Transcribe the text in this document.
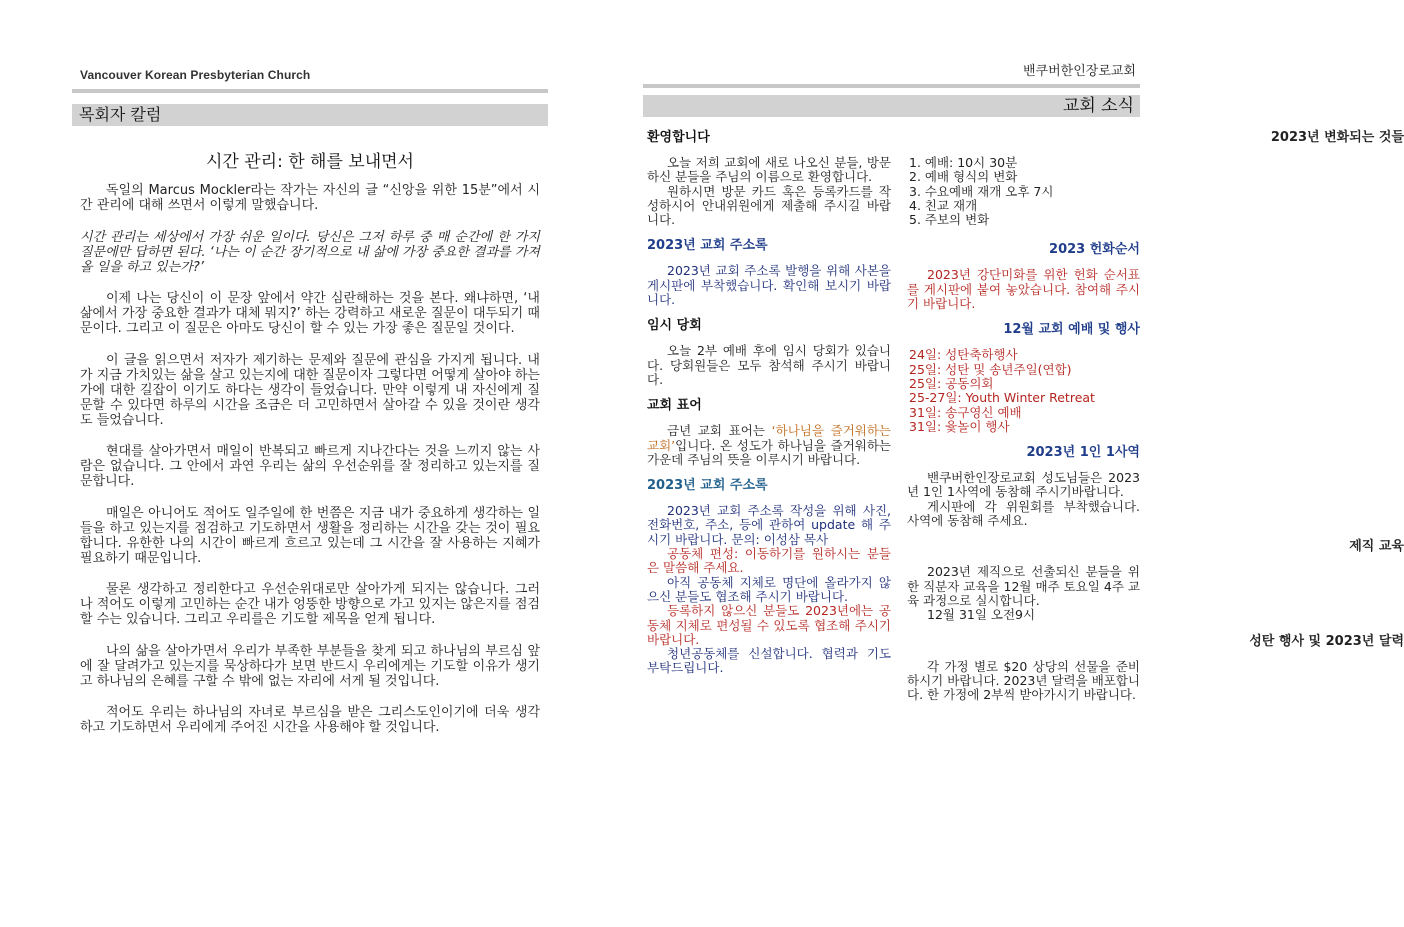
Vancouver Korean Presbyterian Church
목회자 칼럼
시간 관리: 한 해를 보내면서

독일의 Marcus Mockler라는 작가는 자신의 글 “신앙을 위한 15분”에서 시간 관리에 대해 쓰면서 이렇게 말했습니다.

시간 관리는 세상에서 가장 쉬운 일이다. 당신은 그저 하루 중 매 순간에 한 가지 질문에만 답하면 된다. ‘나는 이 순간 장기적으로 내 삶에 가장 중요한 결과를 가져올 일을 하고 있는가?’

이제 나는 당신이 이 문장 앞에서 약간 심란해하는 것을 본다. 왜냐하면, ‘내 삶에서 가장 중요한 결과가 대체 뭐지?’ 하는 강력하고 새로운 질문이 대두되기 때문이다. 그리고 이 질문은 아마도 당신이 할 수 있는 가장 좋은 질문일 것이다.

이 글을 읽으면서 저자가 제기하는 문제와 질문에 관심을 가지게 됩니다. 내가 지금 가치있는 삶을 살고 있는지에 대한 질문이자 그렇다면 어떻게 살아야 하는가에 대한 길잡이 이기도 하다는 생각이 들었습니다. 만약 이렇게 내 자신에게 질문할 수 있다면 하루의 시간을 조금은 더 고민하면서 살아갈 수 있을 것이란 생각도 들었습니다.

현대를 살아가면서 매일이 반복되고 빠르게 지나간다는 것을 느끼지 않는 사람은 없습니다. 그 안에서 과연 우리는 삶의 우선순위를 잘 정리하고 있는지를 질문합니다.

매일은 아니어도 적어도 일주일에 한 번쯤은 지금 내가 중요하게 생각하는 일들을 하고 있는지를 점검하고 기도하면서 생활을 정리하는 시간을 갖는 것이 필요합니다. 유한한 나의 시간이 빠르게 흐르고 있는데 그 시간을 잘 사용하는 지혜가 필요하기 때문입니다.

물론 생각하고 정리한다고 우선순위대로만 살아가게 되지는 않습니다. 그러나 적어도 이렇게 고민하는 순간 내가 엉뚱한 방향으로 가고 있지는 않은지를 점검할 수는 있습니다. 그리고 우리를은 기도할 제목을 얻게 됩니다.

나의 삶을 살아가면서 우리가 부족한 부분들을 찾게 되고 하나님의 부르심 앞에 잘 달려가고 있는지를 묵상하다가 보면 반드시 우리에게는 기도할 이유가 생기고 하나님의 은혜를 구할 수 밖에 없는 자리에 서게 될 것입니다.

적어도 우리는 하나님의 자녀로 부르심을 받은 그리스도인이기에 더욱 생각하고 기도하면서 우리에게 주어진 시간을 사용해야 할 것입니다.

밴쿠버한인장로교회
교회 소식
환영합니다

오늘 저희 교회에 새로 나오신 분들, 방문하신 분들을 주님의 이름으로 환영합니다.

원하시면 방문 카드 혹은 등록카드를 작성하시어 안내위원에게 제출해 주시길 바랍니다.

2023년 교회 주소록

2023년 교회 주소록 발행을 위해 사본을 게시판에 부착했습니다. 확인해 보시기 바랍니다.

임시 당회

오늘 2부 예배 후에 임시 당회가 있습니다. 당회원들은 모두 참석해 주시기 바랍니다.

교회 표어

금년 교회 표어는 ‘하나님을 즐거워하는 교회’입니다. 온 성도가 하나님을 즐거워하는 가운데 주님의 뜻을 이루시기 바랍니다.

2023년 교회 주소록

2023년 교회 주소록 작성을 위해 사진, 전화번호, 주소, 등에 관하여 update 해 주시기 바랍니다. 문의: 이성삼 목사

공동체 편성: 이동하기를 원하시는 분들은 말씀해 주세요.

아직 공동체 지체로 명단에 올라가지 않으신 분들도 협조해 주시기 바랍니다.

등록하지 않으신 분들도 2023년에는 공동체 지체로 편성될 수 있도록 협조해 주시기 바랍니다.

청년공동체를 신설합니다. 협력과 기도 부탁드립니다.

2023년 변화되는 것들
1. 예배: 10시 30분
2. 예배 형식의 변화
3. 수요예배 재개 오후 7시
4. 친교 재개
5. 주보의 변화
2023 헌화순서

2023년 강단미화를 위한 헌화 순서표를 게시판에 붙여 놓았습니다. 참여해 주시기 바랍니다.

12월 교회 예배 및 행사
24일: 성탄축하행사
25일: 성탄 및 송년주일(연합)
25일: 공동의회
25-27일: Youth Winter Retreat
31일: 송구영신 예배
31일: 윷놀이 행사
2023년 1인 1사역

밴쿠버한인장로교회 성도님들은 2023년 1인 1사역에 동참해 주시기바랍니다.

게시판에 각 위원회를 부착했습니다. 사역에 동참해 주세요.

제직 교육

2023년 제직으로 선출되신 분들을 위한 직분자 교육을 12월 매주 토요일 4주 교육 과정으로 실시합니다.

12월 31일 오전9시

성탄 행사 및 2023년 달력

각 가정 별로 $20 상당의 선물을 준비하시기 바랍니다. 2023년 달력을 배포합니다. 한 가정에 2부씩 받아가시기 바랍니다.
